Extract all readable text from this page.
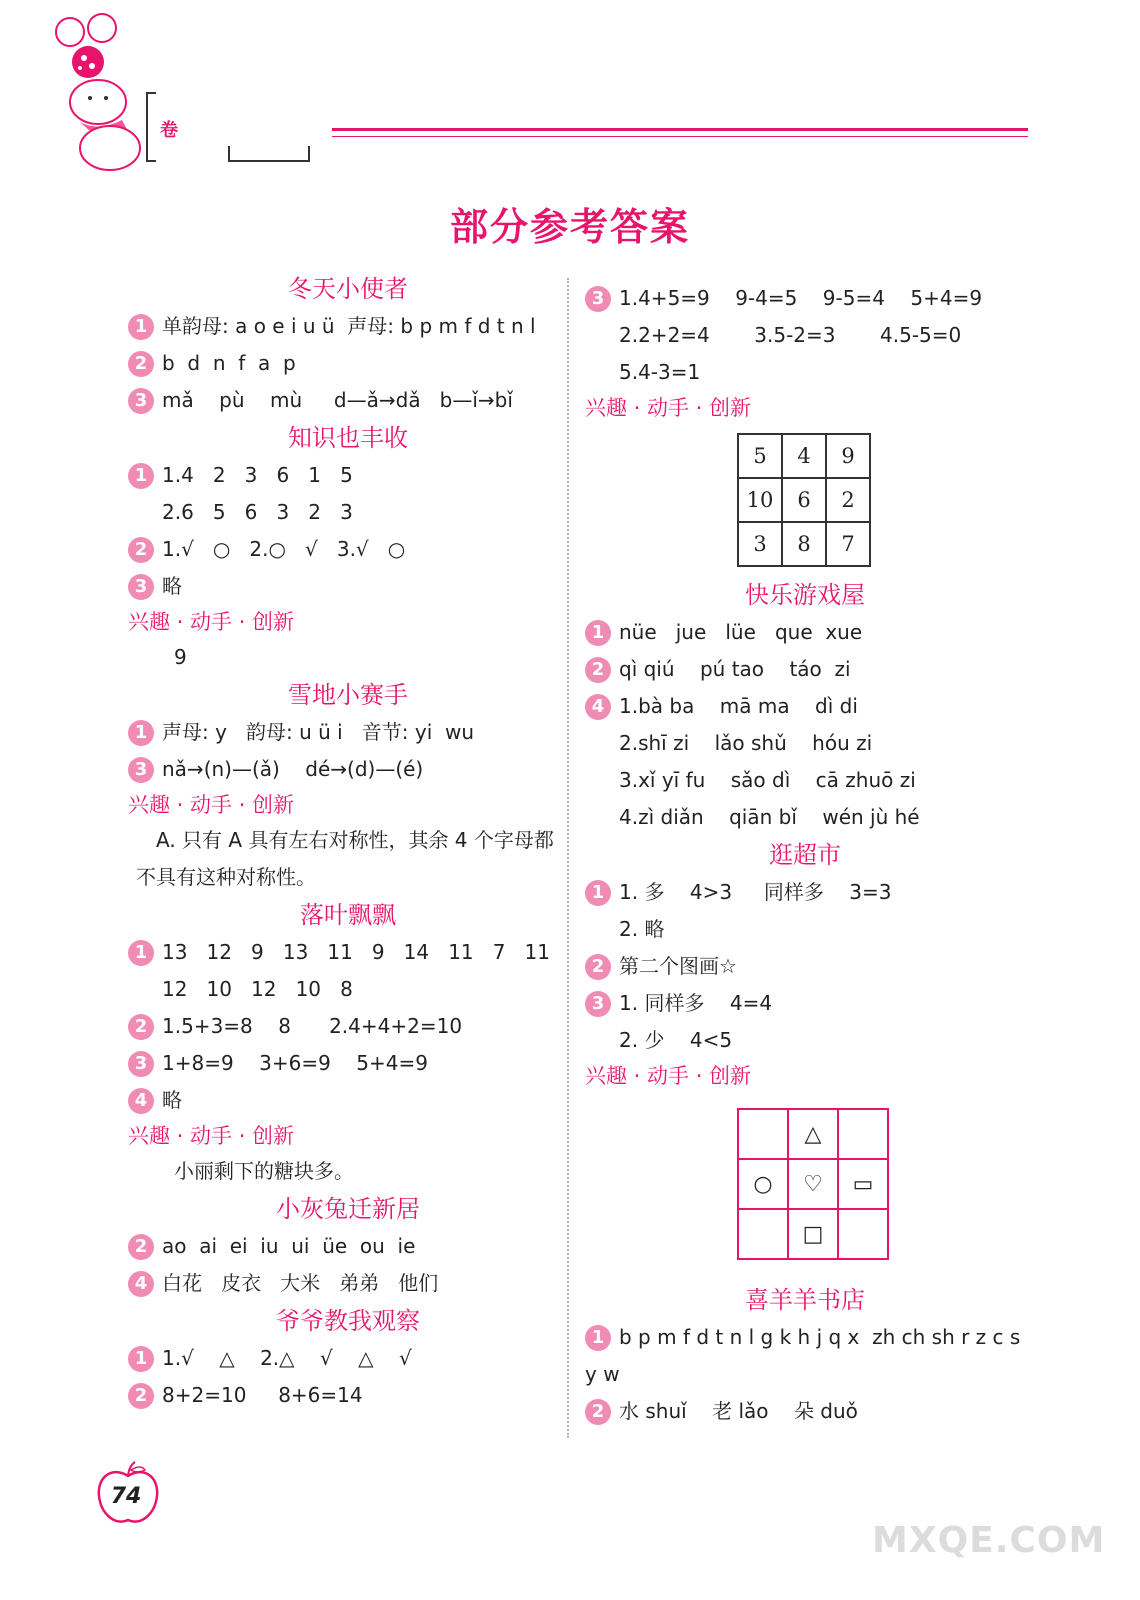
卷
部分参考答案
冬天小使者
1 单韵母: a o e i u ü  声母: b p m f d t n l
2 b  d  n  f  a  p
3 mǎ    pù    mù     d—ǎ→dǎ   b—ǐ→bǐ
知识也丰收
1 1.4   2   3   6   1   5
2.6   5   6   3   2   3
2 1.√   ○   2.○   √   3.√   ○
3 略
兴趣 · 动手 · 创新
9
雪地小赛手
1 声母: y   韵母: u ü i   音节: yi  wu
3 nǎ→(n)—(ǎ)    dé→(d)—(é)
兴趣 · 动手 · 创新
　A. 只有 A 具有左右对称性，其余 4 个字母都不具有这种对称性。
落叶飘飘
1 13   12   9   13   11   9   14   11   7   11
12   10   12   10   8
2 1.5+3=8    8      2.4+4+2=10
3 1+8=9    3+6=9    5+4=9
4 略
兴趣 · 动手 · 创新
小丽剩下的糖块多。
小灰兔迁新居
2 ao  ai  ei  iu  ui  üe  ou  ie
4 白花   皮衣   大米   弟弟   他们
爷爷教我观察
1 1.√    △    2.△    √    △    √
2 8+2=10     8+6=14
3 1.4+5=9    9-4=5    9-5=4    5+4=9
2.2+2=4       3.5-2=3       4.5-5=0
5.4-3=1
兴趣 · 动手 · 创新
5	4	9
10	6	2
3	8	7
	△	
○	♡	▭
	□	
快乐游戏屋
1 nüe   jue   lüe   que  xue
2 qì qiú    pú tao    táo  zi
4 1.bà ba    mā ma    dì di
2.shī zi    lǎo shǔ    hóu zi
3.xǐ yī fu    sǎo dì    cā zhuō zi
4.zì diǎn    qiān bǐ    wén jù hé
逛超市
1 1. 多    4>3     同样多    3=3
2. 略
2 第二个图画☆
3 1. 同样多    4=4
2. 少    4<5
兴趣 · 动手 · 创新
喜羊羊书店
1 b p m f d t n l g k h j q x  zh ch sh r z c s
y w
2 水 shuǐ    老 lǎo    朵 duǒ
74
MXQE.COM
